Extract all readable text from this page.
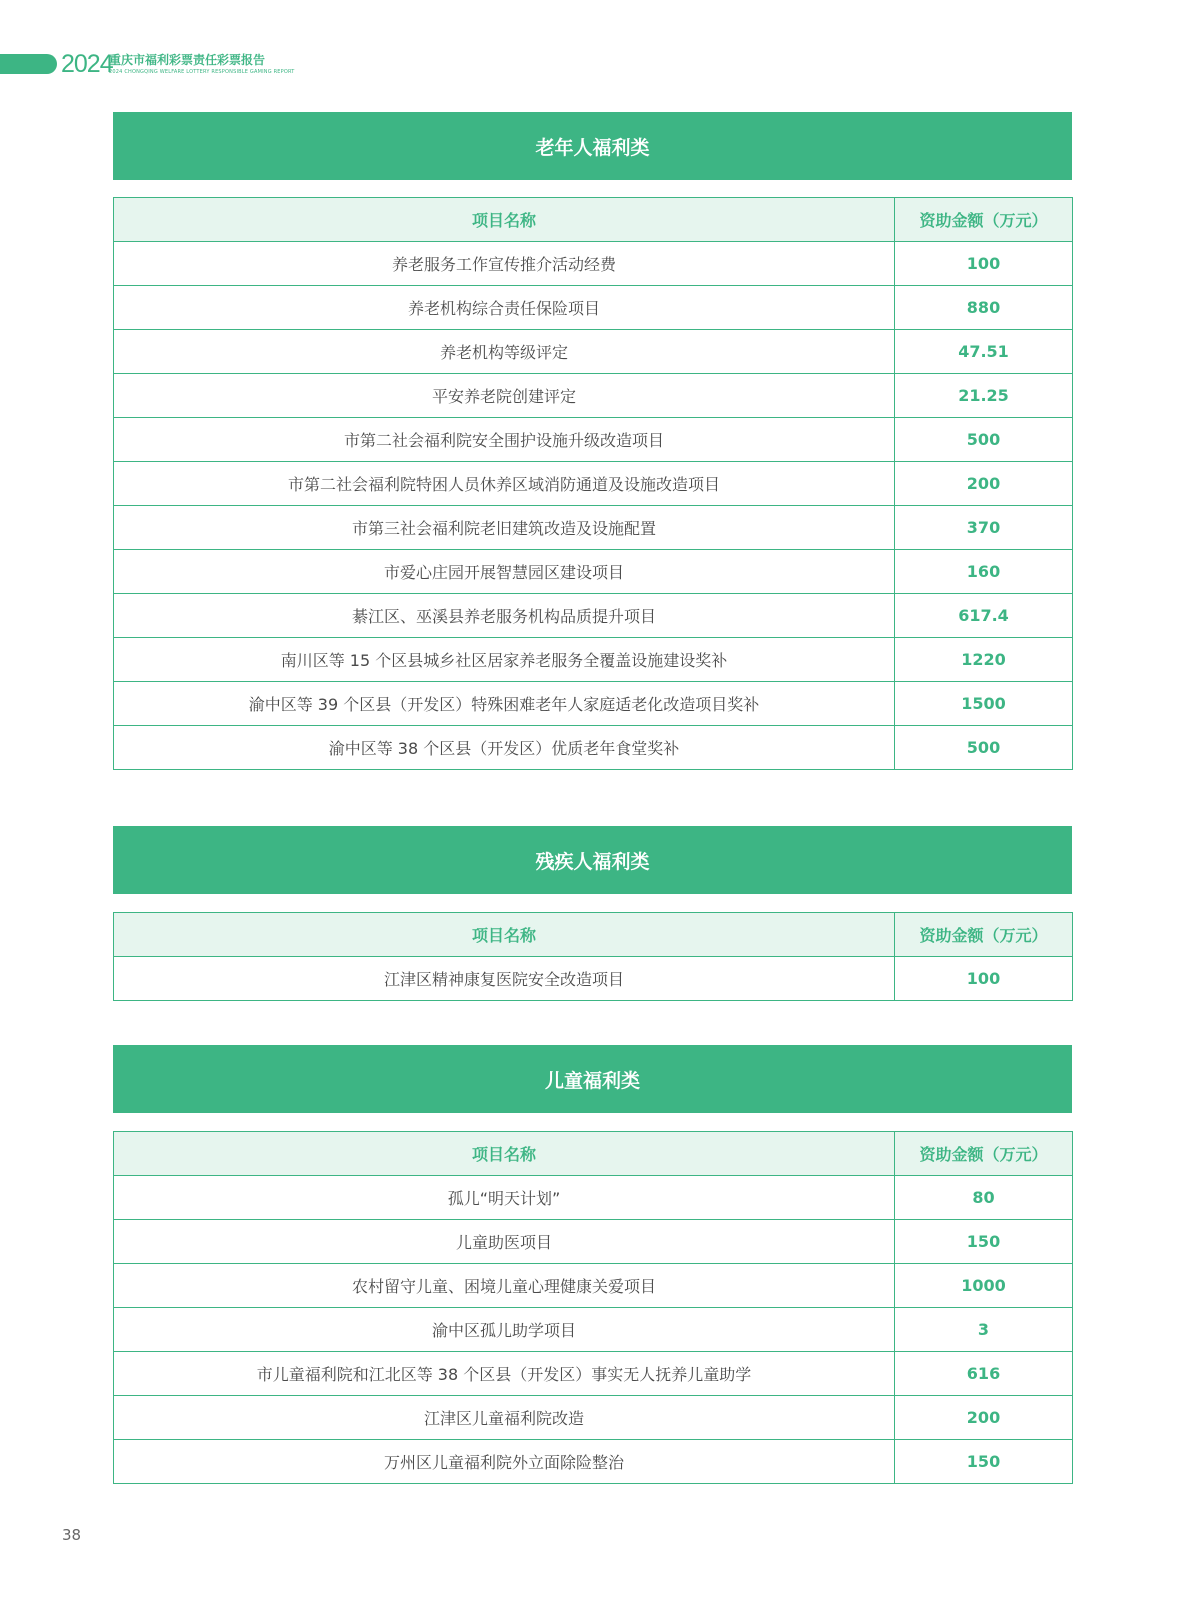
2024
重庆市福利彩票责任彩票报告
2024 CHONGQING WELFARE LOTTERY RESPONSIBLE GAMING REPORT
老年人福利类
项目名称	资助金额（万元）
养老服务工作宣传推介活动经费	100
养老机构综合责任保险项目	880
养老机构等级评定	47.51
平安养老院创建评定	21.25
市第二社会福利院安全围护设施升级改造项目	500
市第二社会福利院特困人员休养区域消防通道及设施改造项目	200
市第三社会福利院老旧建筑改造及设施配置	370
市爱心庄园开展智慧园区建设项目	160
綦江区、巫溪县养老服务机构品质提升项目	617.4
南川区等 15 个区县城乡社区居家养老服务全覆盖设施建设奖补	1220
渝中区等 39 个区县（开发区）特殊困难老年人家庭适老化改造项目奖补	1500
渝中区等 38 个区县（开发区）优质老年食堂奖补	500
残疾人福利类
项目名称	资助金额（万元）
江津区精神康复医院安全改造项目	100
儿童福利类
项目名称	资助金额（万元）
孤儿“明天计划”	80
儿童助医项目	150
农村留守儿童、困境儿童心理健康关爱项目	1000
渝中区孤儿助学项目	3
市儿童福利院和江北区等 38 个区县（开发区）事实无人抚养儿童助学	616
江津区儿童福利院改造	200
万州区儿童福利院外立面除险整治	150
38
